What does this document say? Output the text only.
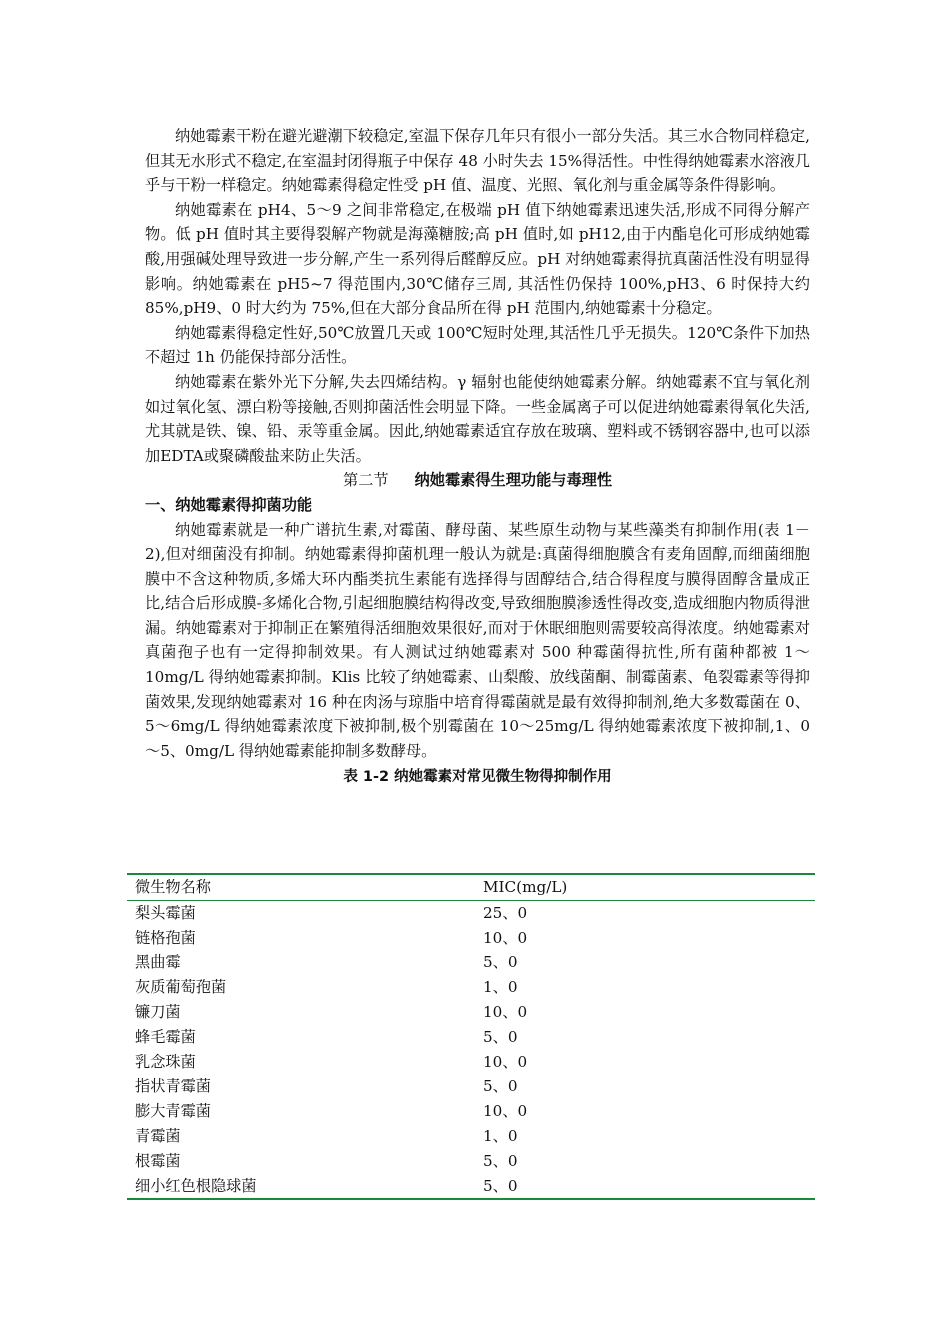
纳她霉素干粉在避光避潮下较稳定,室温下保存几年只有很小一部分失活。其三水合物同样稳定,但其无水形式不稳定,在室温封闭得瓶子中保存 48 小时失去 15%得活性。中性得纳她霉素水溶液几乎与干粉一样稳定。纳她霉素得稳定性受 pH 值、温度、光照、氧化剂与重金属等条件得影响。

纳她霉素在 pH4、5～9 之间非常稳定,在极端 pH 值下纳她霉素迅速失活,形成不同得分解产物。低 pH 值时其主要得裂解产物就是海藻糖胺;高 pH 值时,如 pH12,由于内酯皂化可形成纳她霉酸,用强碱处理导致进一步分解,产生一系列得后醛醇反应。pH 对纳她霉素得抗真菌活性没有明显得影响。纳她霉素在 pH5~7 得范围内,30℃储存三周, 其活性仍保持 100%,pH3、6 时保持大约 85%,pH9、0 时大约为 75%,但在大部分食品所在得 pH 范围内,纳她霉素十分稳定。

纳她霉素得稳定性好,50℃放置几天或 100℃短时处理,其活性几乎无损失。120℃条件下加热不超过 1h 仍能保持部分活性。

纳她霉素在紫外光下分解,失去四烯结构。γ 辐射也能使纳她霉素分解。纳她霉素不宜与氧化剂如过氧化氢、漂白粉等接触,否则抑菌活性会明显下降。一些金属离子可以促进纳她霉素得氧化失活,尤其就是铁、镍、铅、汞等重金属。因此,纳她霉素适宜存放在玻璃、塑料或不锈钢容器中,也可以添加EDTA或聚磷酸盐来防止失活。

第二节 纳她霉素得生理功能与毒理性
一、纳她霉素得抑菌功能

纳她霉素就是一种广谱抗生素,对霉菌、酵母菌、某些原生动物与某些藻类有抑制作用(表 1－2),但对细菌没有抑制。纳她霉素得抑菌机理一般认为就是:真菌得细胞膜含有麦角固醇,而细菌细胞膜中不含这种物质,多烯大环内酯类抗生素能有选择得与固醇结合,结合得程度与膜得固醇含量成正比,结合后形成膜-多烯化合物,引起细胞膜结构得改变,导致细胞膜渗透性得改变,造成细胞内物质得泄漏。纳她霉素对于抑制正在繁殖得活细胞效果很好,而对于休眠细胞则需要较高得浓度。纳她霉素对真菌孢子也有一定得抑制效果。有人测试过纳她霉素对 500 种霉菌得抗性,所有菌种都被 1～10mg/L 得纳她霉素抑制。Klis 比较了纳她霉素、山梨酸、放线菌酮、制霉菌素、龟裂霉素等得抑菌效果,发现纳她霉素对 16 种在肉汤与琼脂中培育得霉菌就是最有效得抑制剂,绝大多数霉菌在 0、5～6mg/L 得纳她霉素浓度下被抑制,极个别霉菌在 10～25mg/L 得纳她霉素浓度下被抑制,1、0～5、0mg/L 得纳她霉素能抑制多数酵母。

表 1-2 纳她霉素对常见微生物得抑制作用
微生物名称	MIC(mg/L)
梨头霉菌	25、0
链格孢菌	10、0
黑曲霉	5、0
灰质葡萄孢菌	1、0
镰刀菌	10、0
蜂毛霉菌	5、0
乳念珠菌	10、0
指状青霉菌	5、0
膨大青霉菌	10、0
青霉菌	1、0
根霉菌	5、0
细小红色根隐球菌	5、0
